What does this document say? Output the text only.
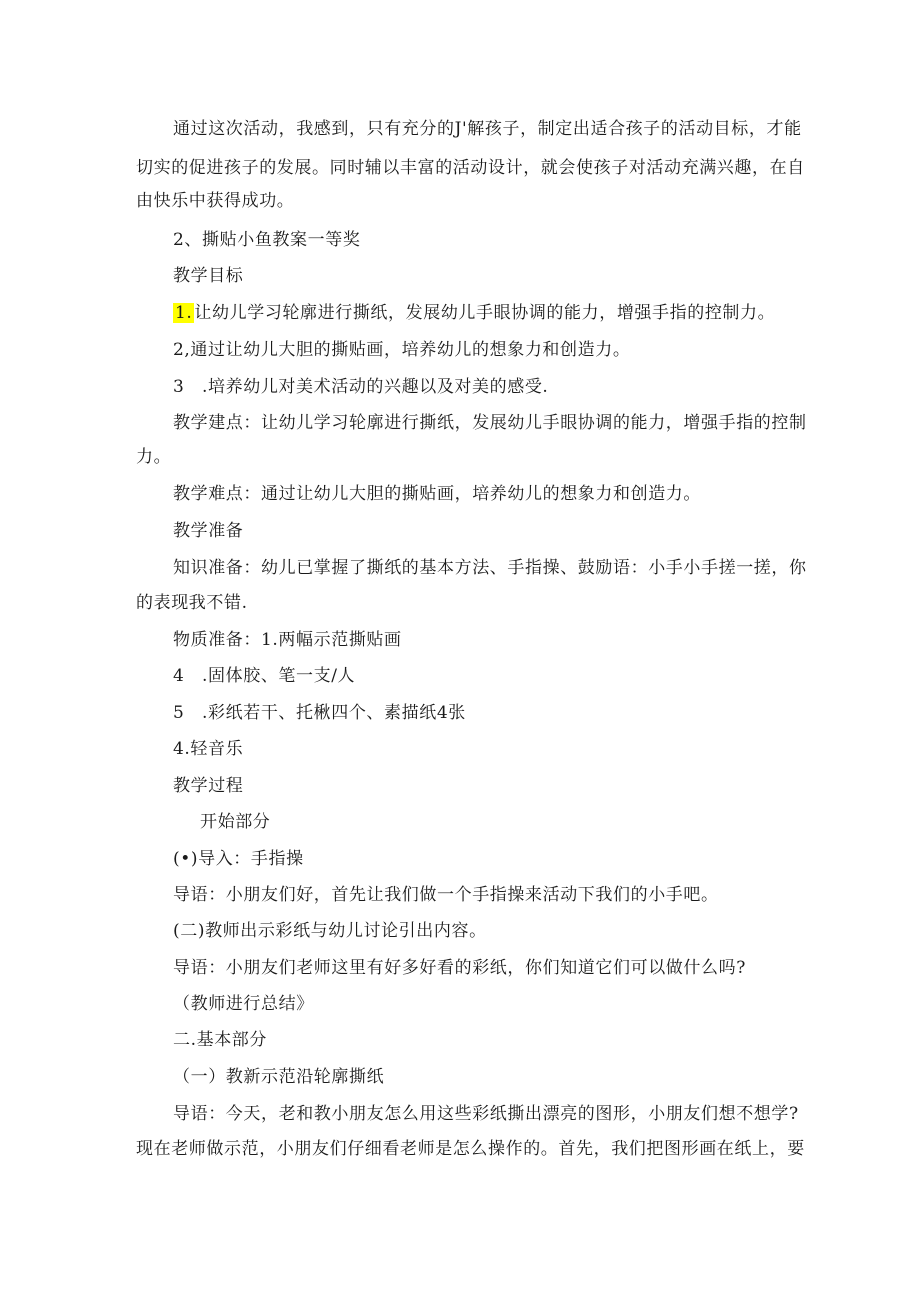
通过这次活动，我感到，只有充分的J'解孩子，制定出适合孩子的活动目标，才能
切实的促进孩子的发展。同时辅以丰富的活动设计，就会使孩子对活动充满兴趣，在自
由快乐中获得成功。
2、撕贴小鱼教案一等奖
教学目标
1. 让幼儿学习轮廓进行撕纸，发展幼儿手眼协调的能力，增强手指的控制力。
2,通过让幼儿大胆的撕贴画，培养幼儿的想象力和创造力。
3　.培养幼儿对美术活动的兴趣以及对美的感受.
教学建点：让幼儿学习轮廓进行撕纸，发展幼儿手眼协调的能力，增强手指的控制
力。
教学难点：通过让幼儿大胆的撕贴画，培养幼儿的想象力和创造力。
教学准备
知识准备：幼儿已掌握了撕纸的基本方法、手指操、鼓励语：小手小手搓一搓，你
的表现我不错.
物质准备：1.两幅示范撕贴画
4　.固体胶、笔一支/人
5　.彩纸若干、托楸四个、素描纸4张
4.轻音乐
教学过程
开始部分
(•)导入：手指操
导语：小朋友们好，首先让我们做一个手指操来活动下我们的小手吧。
(二)教师出示彩纸与幼儿讨论引出内容。
导语：小朋友们老师这里有好多好看的彩纸，你们知道它们可以做什么吗?
（教师进行总结》
二.基本部分
（一）教新示范沿轮廓撕纸
导语：今天，老和教小朋友怎么用这些彩纸撕出漂亮的图形，小朋友们想不想学?
现在老师做示范，小朋友们仔细看老师是怎么操作的。首先，我们把图形画在纸上，要
